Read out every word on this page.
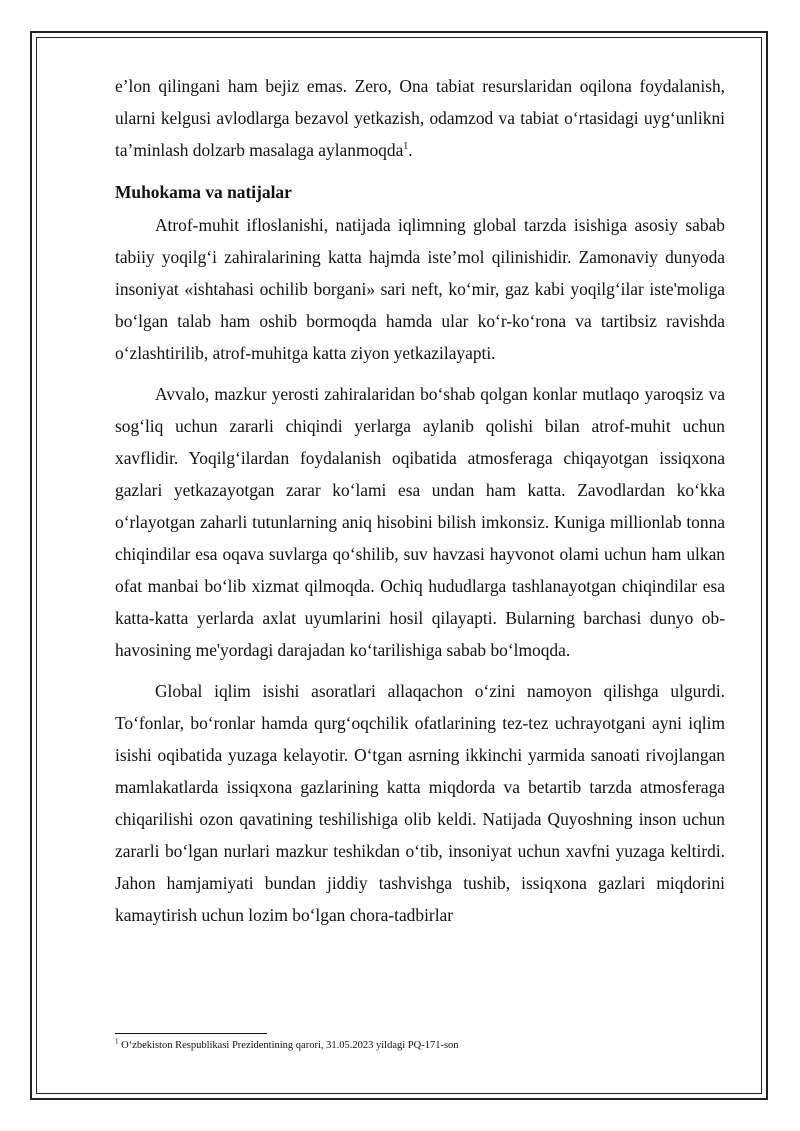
e’lon qilingani ham bejiz emas. Zero, Ona tabiat resurslaridan oqilona foydalanish, ularni kelgusi avlodlarga bezavol yetkazish, odamzod va tabiat o‘rtasidagi uyg‘unlikni ta’minlash dolzarb masalaga aylanmoqda$^1$.

Muhokama va natijalar

Atrof-muhit ifloslanishi, natijada iqlimning global tarzda isishiga asosiy sabab tabiiy yoqilg‘i zahiralarining katta hajmda iste’mol qilinishidir. Zamonaviy dunyoda insoniyat «ishtahasi ochilib borgani» sari neft, ko‘mir, gaz kabi yoqilg‘ilar iste'moliga bo‘lgan talab ham oshib bormoqda hamda ular ko‘r-ko‘rona va tartibsiz ravishda o‘zlashtirilib, atrof-muhitga katta ziyon yetkazilayapti.

Avvalo, mazkur yerosti zahiralaridan bo‘shab qolgan konlar mutlaqo yaroqsiz va sog‘liq uchun zararli chiqindi yerlarga aylanib qolishi bilan atrof-muhit uchun xavflidir. Yoqilg‘ilardan foydalanish oqibatida atmosferaga chiqayotgan issiqxona gazlari yetkazayotgan zarar ko‘lami esa undan ham katta. Zavodlardan ko‘kka o‘rlayotgan zaharli tutunlarning aniq hisobini bilish imkonsiz. Kuniga millionlab tonna chiqindilar esa oqava suvlarga qo‘shilib, suv havzasi hayvonot olami uchun ham ulkan ofat manbai bo‘lib xizmat qilmoqda. Ochiq hududlarga tashlanayotgan chiqindilar esa katta-katta yerlarda axlat uyumlarini hosil qilayapti. Bularning barchasi dunyo ob-havosining me'yordagi darajadan ko‘tarilishiga sabab bo‘lmoqda.

Global iqlim isishi asoratlari allaqachon o‘zini namoyon qilishga ulgurdi. To‘fonlar, bo‘ronlar hamda qurg‘oqchilik ofatlarining tez-tez uchrayotgani ayni iqlim isishi oqibatida yuzaga kelayotir. O‘tgan asrning ikkinchi yarmida sanoati rivojlangan mamlakatlarda issiqxona gazlarining katta miqdorda va betartib tarzda atmosferaga chiqarilishi ozon qavatining teshilishiga olib keldi. Natijada Quyoshning inson uchun zararli bo‘lgan nurlari mazkur teshikdan o‘tib, insoniyat uchun xavfni yuzaga keltirdi. Jahon hamjamiyati bundan jiddiy tashvishga tushib, issiqxona gazlari miqdorini kamaytirish uchun lozim bo‘lgan chora-tadbirlar

$^1$ O‘zbekiston Respublikasi Prezidentining qarori, 31.05.2023 yildagi PQ-171-son
